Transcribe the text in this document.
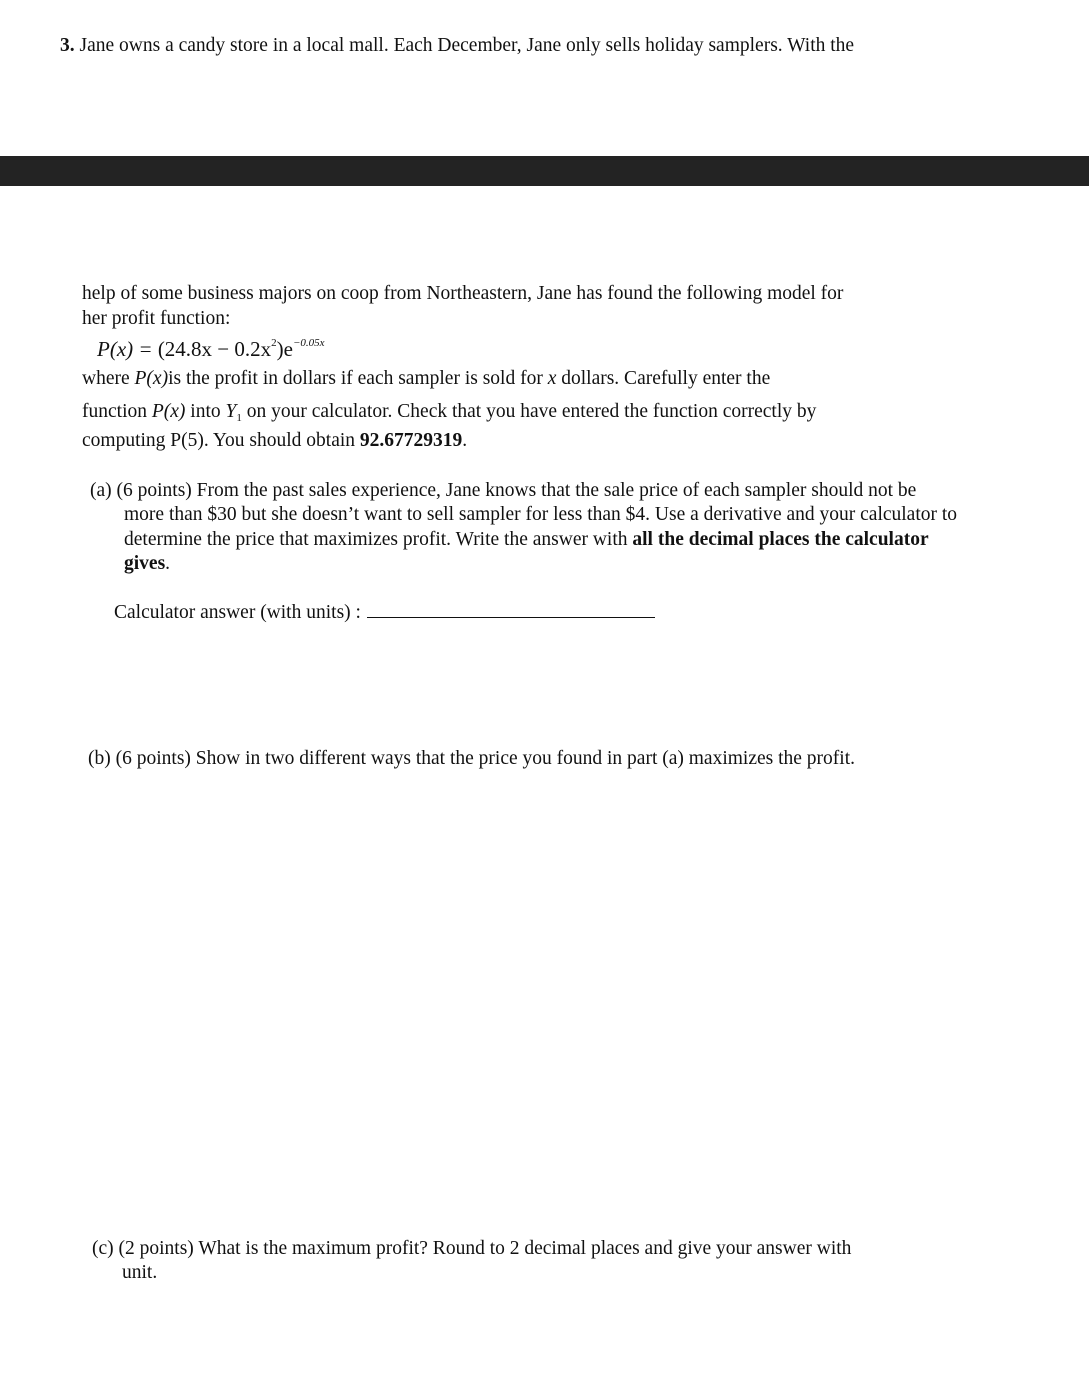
3. Jane owns a candy store in a local mall. Each December, Jane only sells holiday samplers. With the
help of some business majors on coop from Northeastern, Jane has found the following model for
her profit function:
$P(x) = (24.8x - 0.2x^2)e^{-0.05x}$
where P(x)is the profit in dollars if each sampler is sold for x dollars. Carefully enter the
function P(x) into $Y_1$ on your calculator. Check that you have entered the function correctly by
computing P(5). You should obtain 92.67729319.
(a) (6 points) From the past sales experience, Jane knows that the sale price of each sampler should not be
more than $30 but she doesn’t want to sell sampler for less than $4. Use a derivative and your calculator to
determine the price that maximizes profit. Write the answer with all the decimal places the calculator
gives.
Calculator answer (with units) :
(b) (6 points) Show in two different ways that the price you found in part (a) maximizes the profit.
(c) (2 points) What is the maximum profit? Round to 2 decimal places and give your answer with
unit.
